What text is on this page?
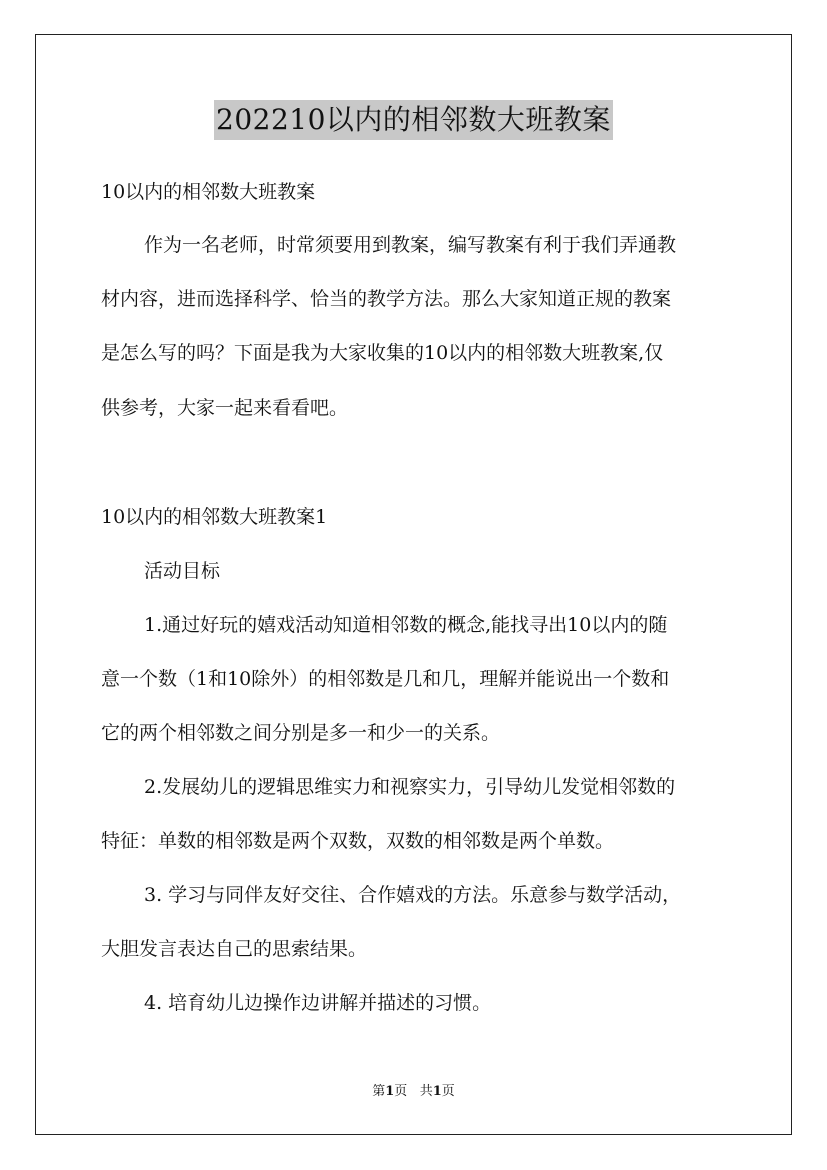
202210以内的相邻数大班教案
10以内的相邻数大班教案
作为一名老师，时常须要用到教案，编写教案有利于我们弄通教
材内容，进而选择科学、恰当的教学方法。那么大家知道正规的教案
是怎么写的吗？下面是我为大家收集的10以内的相邻数大班教案,仅
供参考，大家一起来看看吧。
10以内的相邻数大班教案1
活动目标
1.通过好玩的嬉戏活动知道相邻数的概念,能找寻出10以内的随
意一个数（1和10除外）的相邻数是几和几，理解并能说出一个数和
它的两个相邻数之间分别是多一和少一的关系。
2.发展幼儿的逻辑思维实力和视察实力，引导幼儿发觉相邻数的
特征：单数的相邻数是两个双数，双数的相邻数是两个单数。
3. 学习与同伴友好交往、合作嬉戏的方法。乐意参与数学活动，
大胆发言表达自己的思索结果。
4. 培育幼儿边操作边讲解并描述的习惯。
第1页   共1页
